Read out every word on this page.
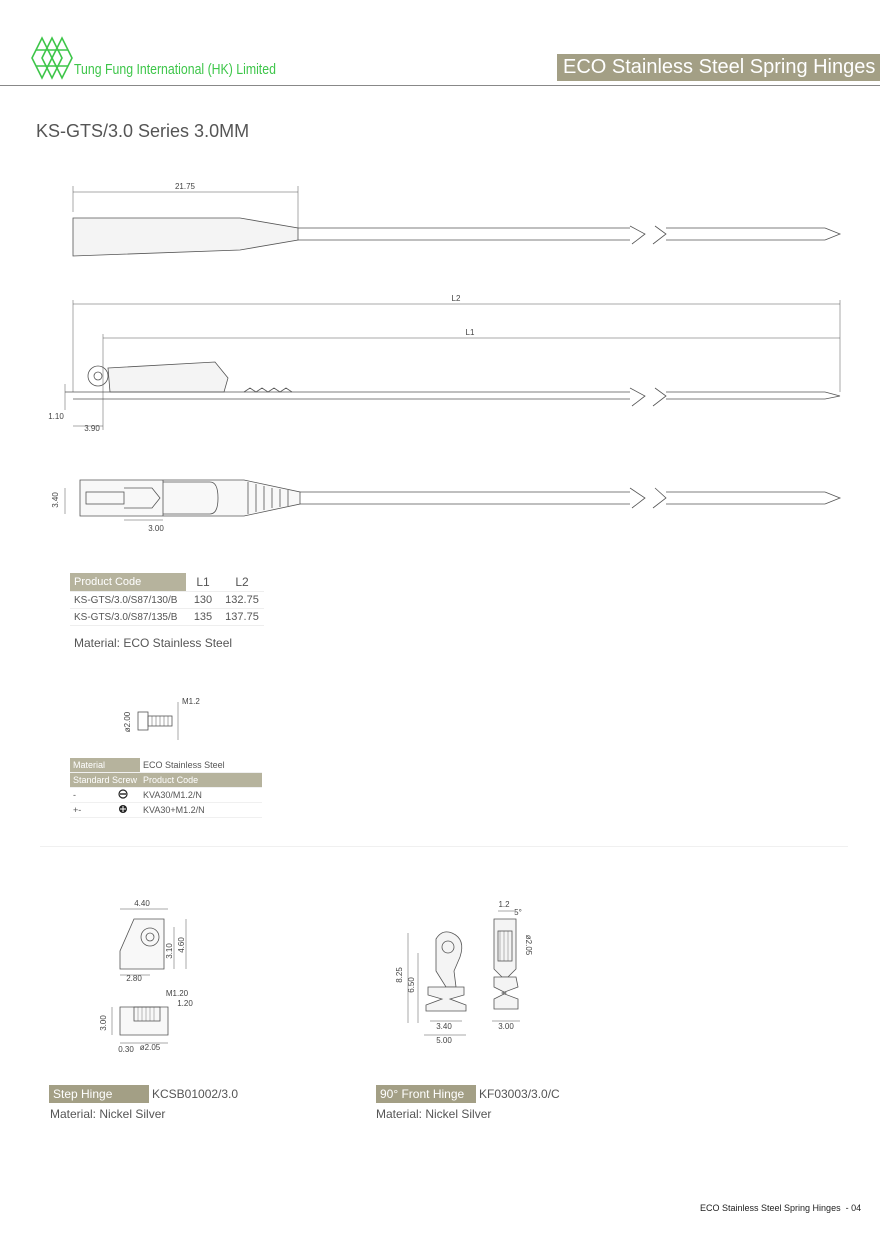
Tung Fung International (HK) Limited	ECO Stainless Steel Spring Hinges
KS-GTS/3.0 Series 3.0MM
21.75
L2
L1
1.10
3.90
3.40
3.00
Product Code	L1	L2
KS-GTS/3.0/S87/130/B	130	132.75
KS-GTS/3.0/S87/135/B	135	137.75
Material: ECO Stainless Steel
M1.2
ø2.00
Material		ECO Stainless Steel
Standard Screw		Product Code
-		KVA30/M1.2/N
+-		KVA30+M1.2/N
4.40
3.10 4.60
2.80
M1.20
1.20
3.00
0.30 ø2.05
1.2
5°
ø2.05
8.25
6.50
3.40
5.00
3.00
Step Hinge	KCSB01002/3.0
Material: Nickel Silver
90° Front Hinge	KF03003/3.0/C
Material: Nickel Silver
ECO Stainless Steel Spring Hinges  - 04
